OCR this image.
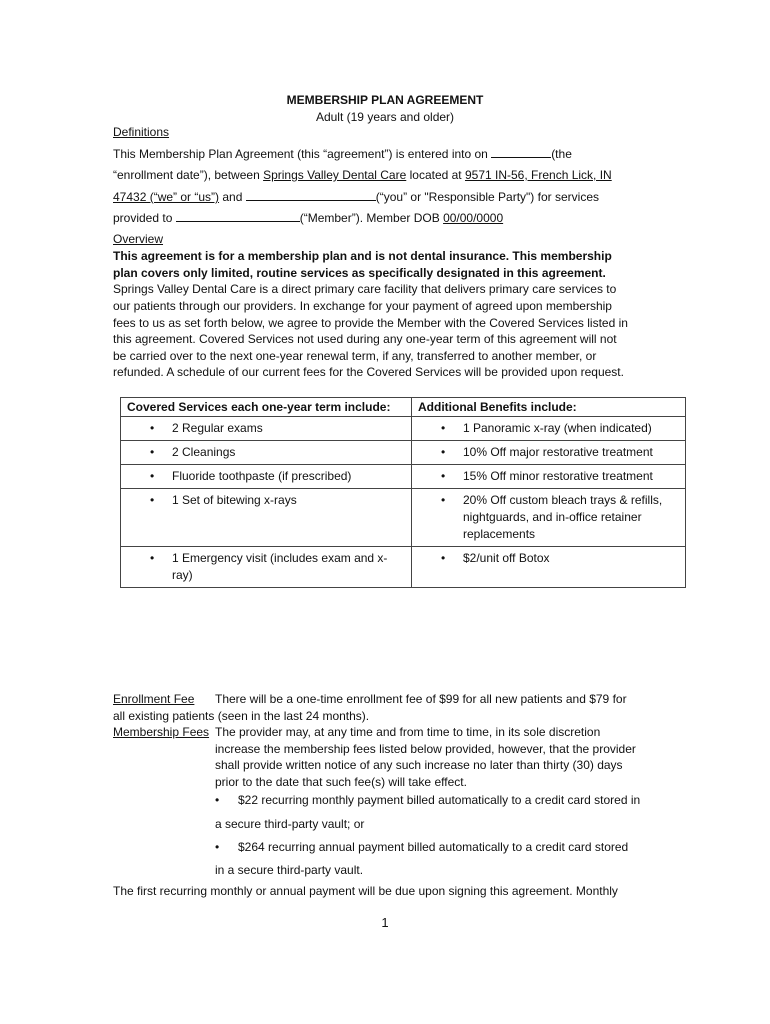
MEMBERSHIP PLAN AGREEMENT
Adult (19 years and older)
Definitions
This Membership Plan Agreement (this “agreement”) is entered into on	(the
“enrollment date”), between Springs Valley Dental Care located at 9571 IN-56, French Lick, IN
47432 (“we” or “us”) and	(“you” or "Responsible Party") for services
provided to	(“Member”). Member DOB 00/00/0000
Overview
This agreement is for a membership plan and is not dental insurance. This membership
plan covers only limited, routine services as specifically designated in this agreement.
Springs Valley Dental Care is a direct primary care facility that delivers primary care services to
our patients through our providers. In exchange for your payment of agreed upon membership
fees to us as set forth below, we agree to provide the Member with the Covered Services listed in
this agreement. Covered Services not used during any one-year term of this agreement will not
be carried over to the next one-year renewal term, if any, transferred to another member, or
refunded. A schedule of our current fees for the Covered Services will be provided upon request.
Covered Services each one-year term include:	Additional Benefits include:

• 2 Regular exams	• 1 Panoramic x-ray (when indicated)

• 2 Cleanings	• 10% Off major restorative treatment

• Fluoride toothpaste (if prescribed)	• 15% Off minor restorative treatment

• 1 Set of bitewing x-rays	• 20% Off custom bleach trays & refills, nightguards, and in-office retainer replacements

• 1 Emergency visit (includes exam and x-ray)	• $2/unit off Botox
Enrollment Fee There will be a one-time enrollment fee of $99 for all new patients and $79 for
all existing patients (seen in the last 24 months).
Membership Fees The provider may, at any time and from time to time, in its sole discretion
increase the membership fees listed below provided, however, that the provider
shall provide written notice of any such increase no later than thirty (30) days
prior to the date that such fee(s) will take effect.
• $22 recurring monthly payment billed automatically to a credit card stored in
a secure third-party vault; or
• $264 recurring annual payment billed automatically to a credit card stored
in a secure third-party vault.
The first recurring monthly or annual payment will be due upon signing this agreement. Monthly
1
